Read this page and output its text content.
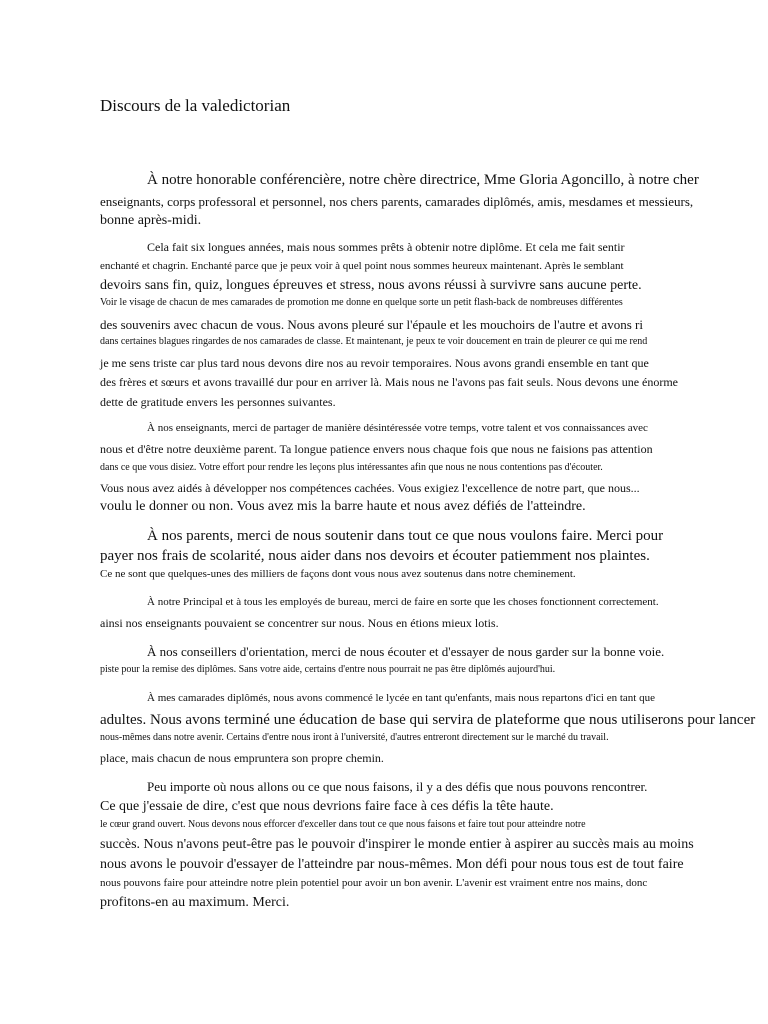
Discours de la valedictorian
À notre honorable conférencière, notre chère directrice, Mme Gloria Agoncillo, à notre cher
enseignants, corps professoral et personnel, nos chers parents, camarades diplômés, amis, mesdames et messieurs,
bonne après-midi.
Cela fait six longues années, mais nous sommes prêts à obtenir notre diplôme. Et cela me fait sentir
enchanté et chagrin. Enchanté parce que je peux voir à quel point nous sommes heureux maintenant. Après le semblant
devoirs sans fin, quiz, longues épreuves et stress, nous avons réussi à survivre sans aucune perte.
Voir le visage de chacun de mes camarades de promotion me donne en quelque sorte un petit flash-back de nombreuses différentes
des souvenirs avec chacun de vous. Nous avons pleuré sur l'épaule et les mouchoirs de l'autre et avons ri
dans certaines blagues ringardes de nos camarades de classe. Et maintenant, je peux te voir doucement en train de pleurer ce qui me rend
je me sens triste car plus tard nous devons dire nos au revoir temporaires. Nous avons grandi ensemble en tant que
des frères et sœurs et avons travaillé dur pour en arriver là. Mais nous ne l'avons pas fait seuls. Nous devons une énorme
dette de gratitude envers les personnes suivantes.
À nos enseignants, merci de partager de manière désintéressée votre temps, votre talent et vos connaissances avec
nous et d'être notre deuxième parent. Ta longue patience envers nous chaque fois que nous ne faisions pas attention
dans ce que vous disiez. Votre effort pour rendre les leçons plus intéressantes afin que nous ne nous contentions pas d'écouter.
Vous nous avez aidés à développer nos compétences cachées. Vous exigiez l'excellence de notre part, que nous...
voulu le donner ou non. Vous avez mis la barre haute et nous avez défiés de l'atteindre.
À nos parents, merci de nous soutenir dans tout ce que nous voulons faire. Merci pour
payer nos frais de scolarité, nous aider dans nos devoirs et écouter patiemment nos plaintes.
Ce ne sont que quelques-unes des milliers de façons dont vous nous avez soutenus dans notre cheminement.
À notre Principal et à tous les employés de bureau, merci de faire en sorte que les choses fonctionnent correctement.
ainsi nos enseignants pouvaient se concentrer sur nous. Nous en étions mieux lotis.
À nos conseillers d'orientation, merci de nous écouter et d'essayer de nous garder sur la bonne voie.
piste pour la remise des diplômes. Sans votre aide, certains d'entre nous pourrait ne pas être diplômés aujourd'hui.
À mes camarades diplômés, nous avons commencé le lycée en tant qu'enfants, mais nous repartons d'ici en tant que
adultes. Nous avons terminé une éducation de base qui servira de plateforme que nous utiliserons pour lancer
nous-mêmes dans notre avenir. Certains d'entre nous iront à l'université, d'autres entreront directement sur le marché du travail.
place, mais chacun de nous empruntera son propre chemin.
Peu importe où nous allons ou ce que nous faisons, il y a des défis que nous pouvons rencontrer.
Ce que j'essaie de dire, c'est que nous devrions faire face à ces défis la tête haute.
le cœur grand ouvert. Nous devons nous efforcer d'exceller dans tout ce que nous faisons et faire tout pour atteindre notre
succès. Nous n'avons peut-être pas le pouvoir d'inspirer le monde entier à aspirer au succès mais au moins
nous avons le pouvoir d'essayer de l'atteindre par nous-mêmes. Mon défi pour nous tous est de tout faire
nous pouvons faire pour atteindre notre plein potentiel pour avoir un bon avenir. L'avenir est vraiment entre nos mains, donc
profitons-en au maximum. Merci.
